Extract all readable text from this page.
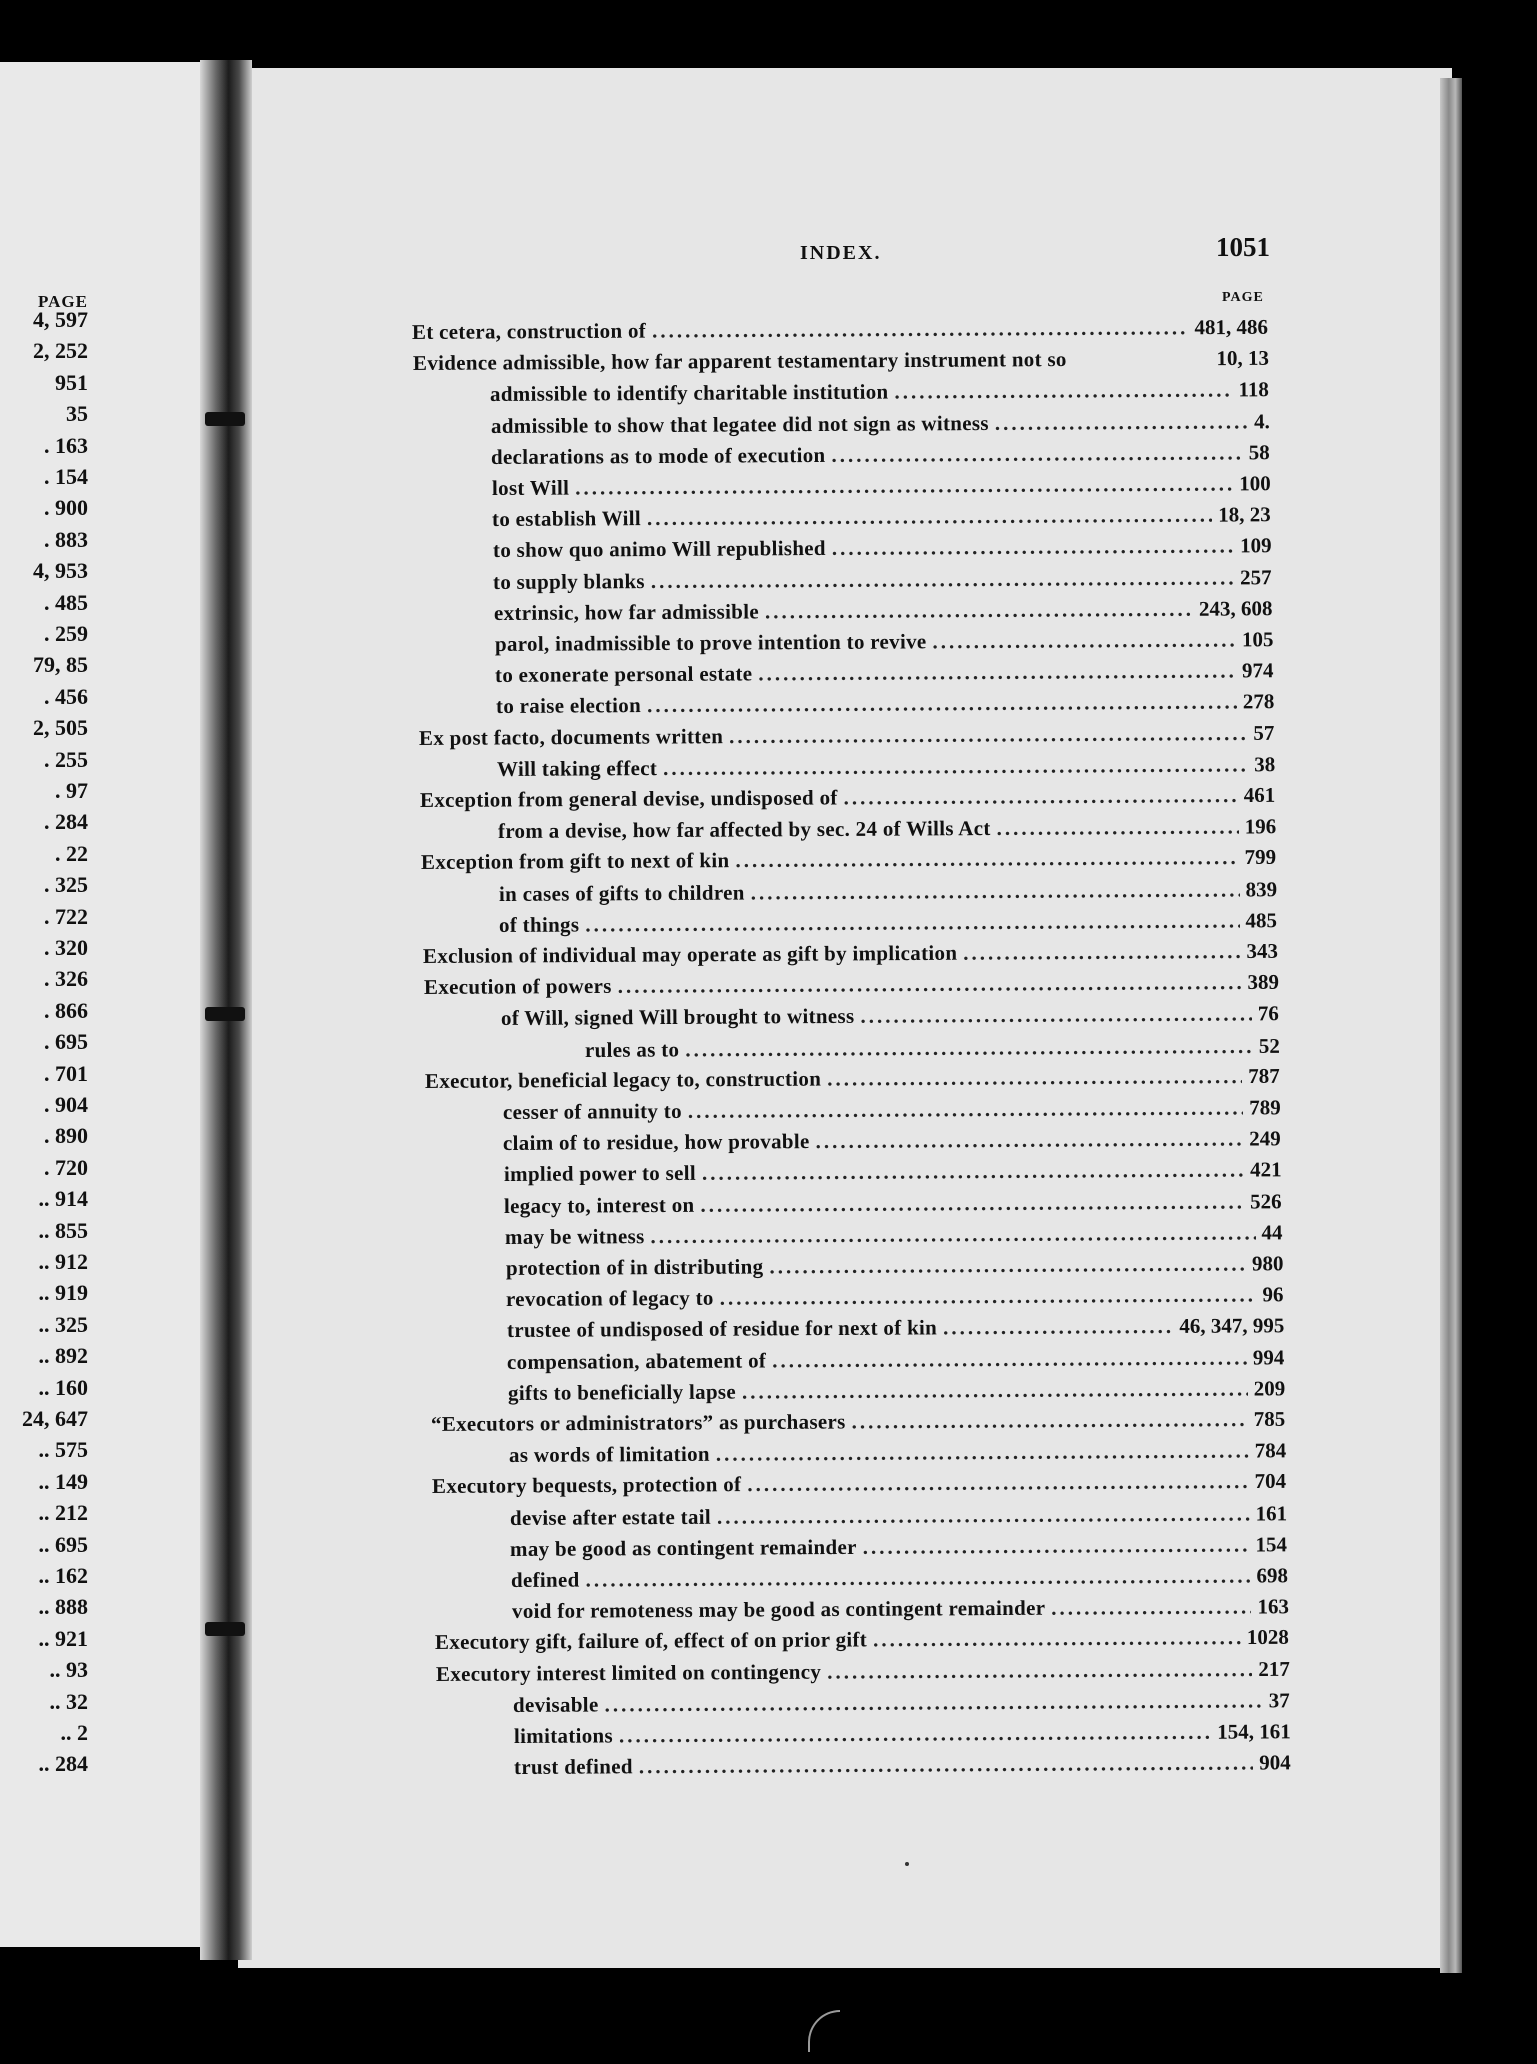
PAGE
4, 597
2, 252
951
35
. 163
. 154
. 900
. 883
4, 953
. 485
. 259
79, 85
. 456
2, 505
. 255
. 97
. 284
. 22
. 325
. 722
. 320
. 326
. 866
. 695
. 701
. 904
. 890
. 720
.. 914
.. 855
.. 912
.. 919
.. 325
.. 892
.. 160
24, 647
.. 575
.. 149
.. 212
.. 695
.. 162
.. 888
.. 921
.. 93
.. 32
.. 2
.. 284
INDEX.	1051
PAGE
Et cetera, construction of .....	481, 486
Evidence admissible, how far apparent testamentary instrument not so	10, 13
admissible to identify charitable institution .....	118
admissible to show that legatee did not sign as witness .....	4.
declarations as to mode of execution .....	58
lost Will .....	100
to establish Will .....	18, 23
to show quo animo Will republished .....	109
to supply blanks .....	257
extrinsic, how far admissible .....	243, 608
parol, inadmissible to prove intention to revive .....	105
to exonerate personal estate .....	974
to raise election .....	278
Ex post facto, documents written .....	57
Will taking effect .....	38
Exception from general devise, undisposed of .....	461
from a devise, how far affected by sec. 24 of Wills Act .....	196
Exception from gift to next of kin .....	799
in cases of gifts to children .....	839
of things .....	485
Exclusion of individual may operate as gift by implication .....	343
Execution of powers .....	389
of Will, signed Will brought to witness .....	76
rules as to .....	52
Executor, beneficial legacy to, construction .....	787
cesser of annuity to .....	789
claim of to residue, how provable .....	249
implied power to sell .....	421
legacy to, interest on .....	526
may be witness .....	44
protection of in distributing .....	980
revocation of legacy to .....	96
trustee of undisposed of residue for next of kin .....	46, 347, 995
compensation, abatement of .....	994
gifts to beneficially lapse .....	209
“Executors or administrators” as purchasers .....	785
as words of limitation .....	784
Executory bequests, protection of .....	704
devise after estate tail .....	161
may be good as contingent remainder .....	154
defined .....	698
void for remoteness may be good as contingent remainder .....	163
Executory gift, failure of, effect of on prior gift .....	1028
Executory interest limited on contingency .....	217
devisable .....	37
limitations .....	154, 161
trust defined .....	904
